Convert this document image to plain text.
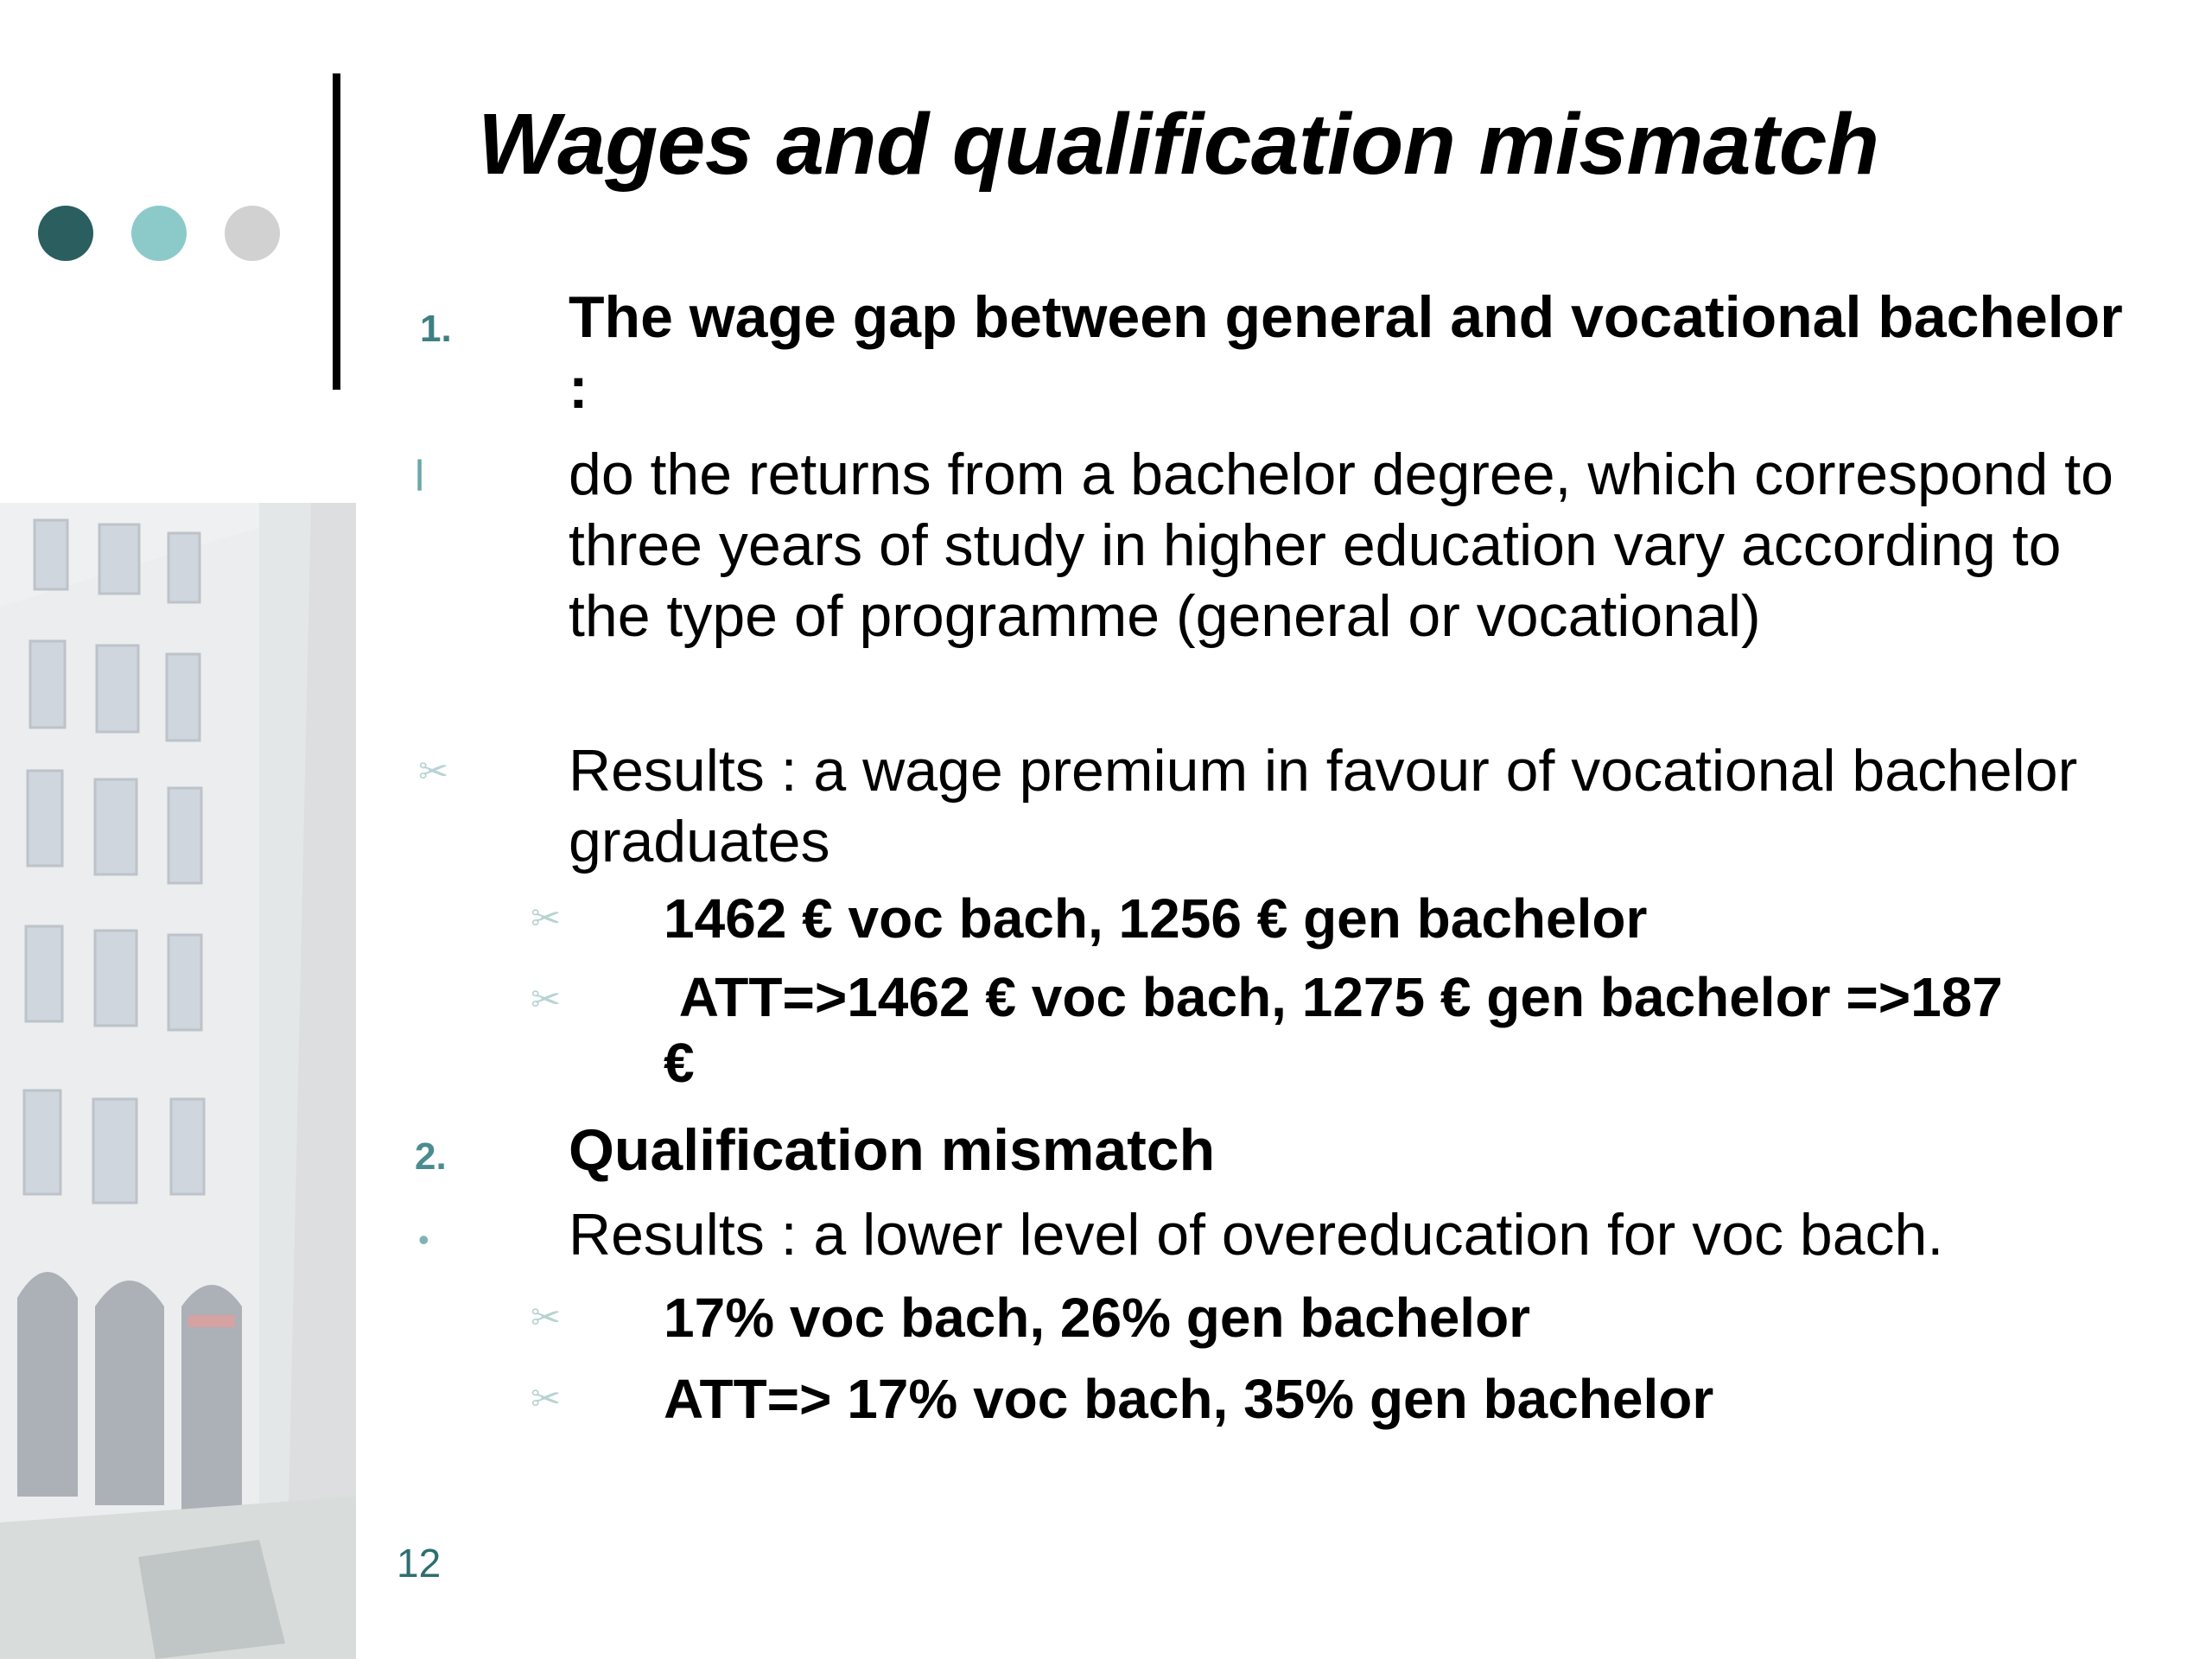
Wages and qualification mismatch
1. The wage gap between general and vocational bachelor :

l do the returns from a bachelor degree, which correspond to three years of study in higher education vary according to the type of programme (general or vocational)

✂ Results : a wage premium in favour of vocational bachelor graduates

✂ 1462 € voc bach, 1256 € gen bachelor

✂ ATT=>1462 € voc bach, 1275 € gen bachelor =>187 €

2. Qualification mismatch

• Results : a lower level of overeducation for voc bach.

✂ 17% voc bach, 26% gen bachelor

✂ ATT=> 17% voc bach, 35% gen bachelor

12
